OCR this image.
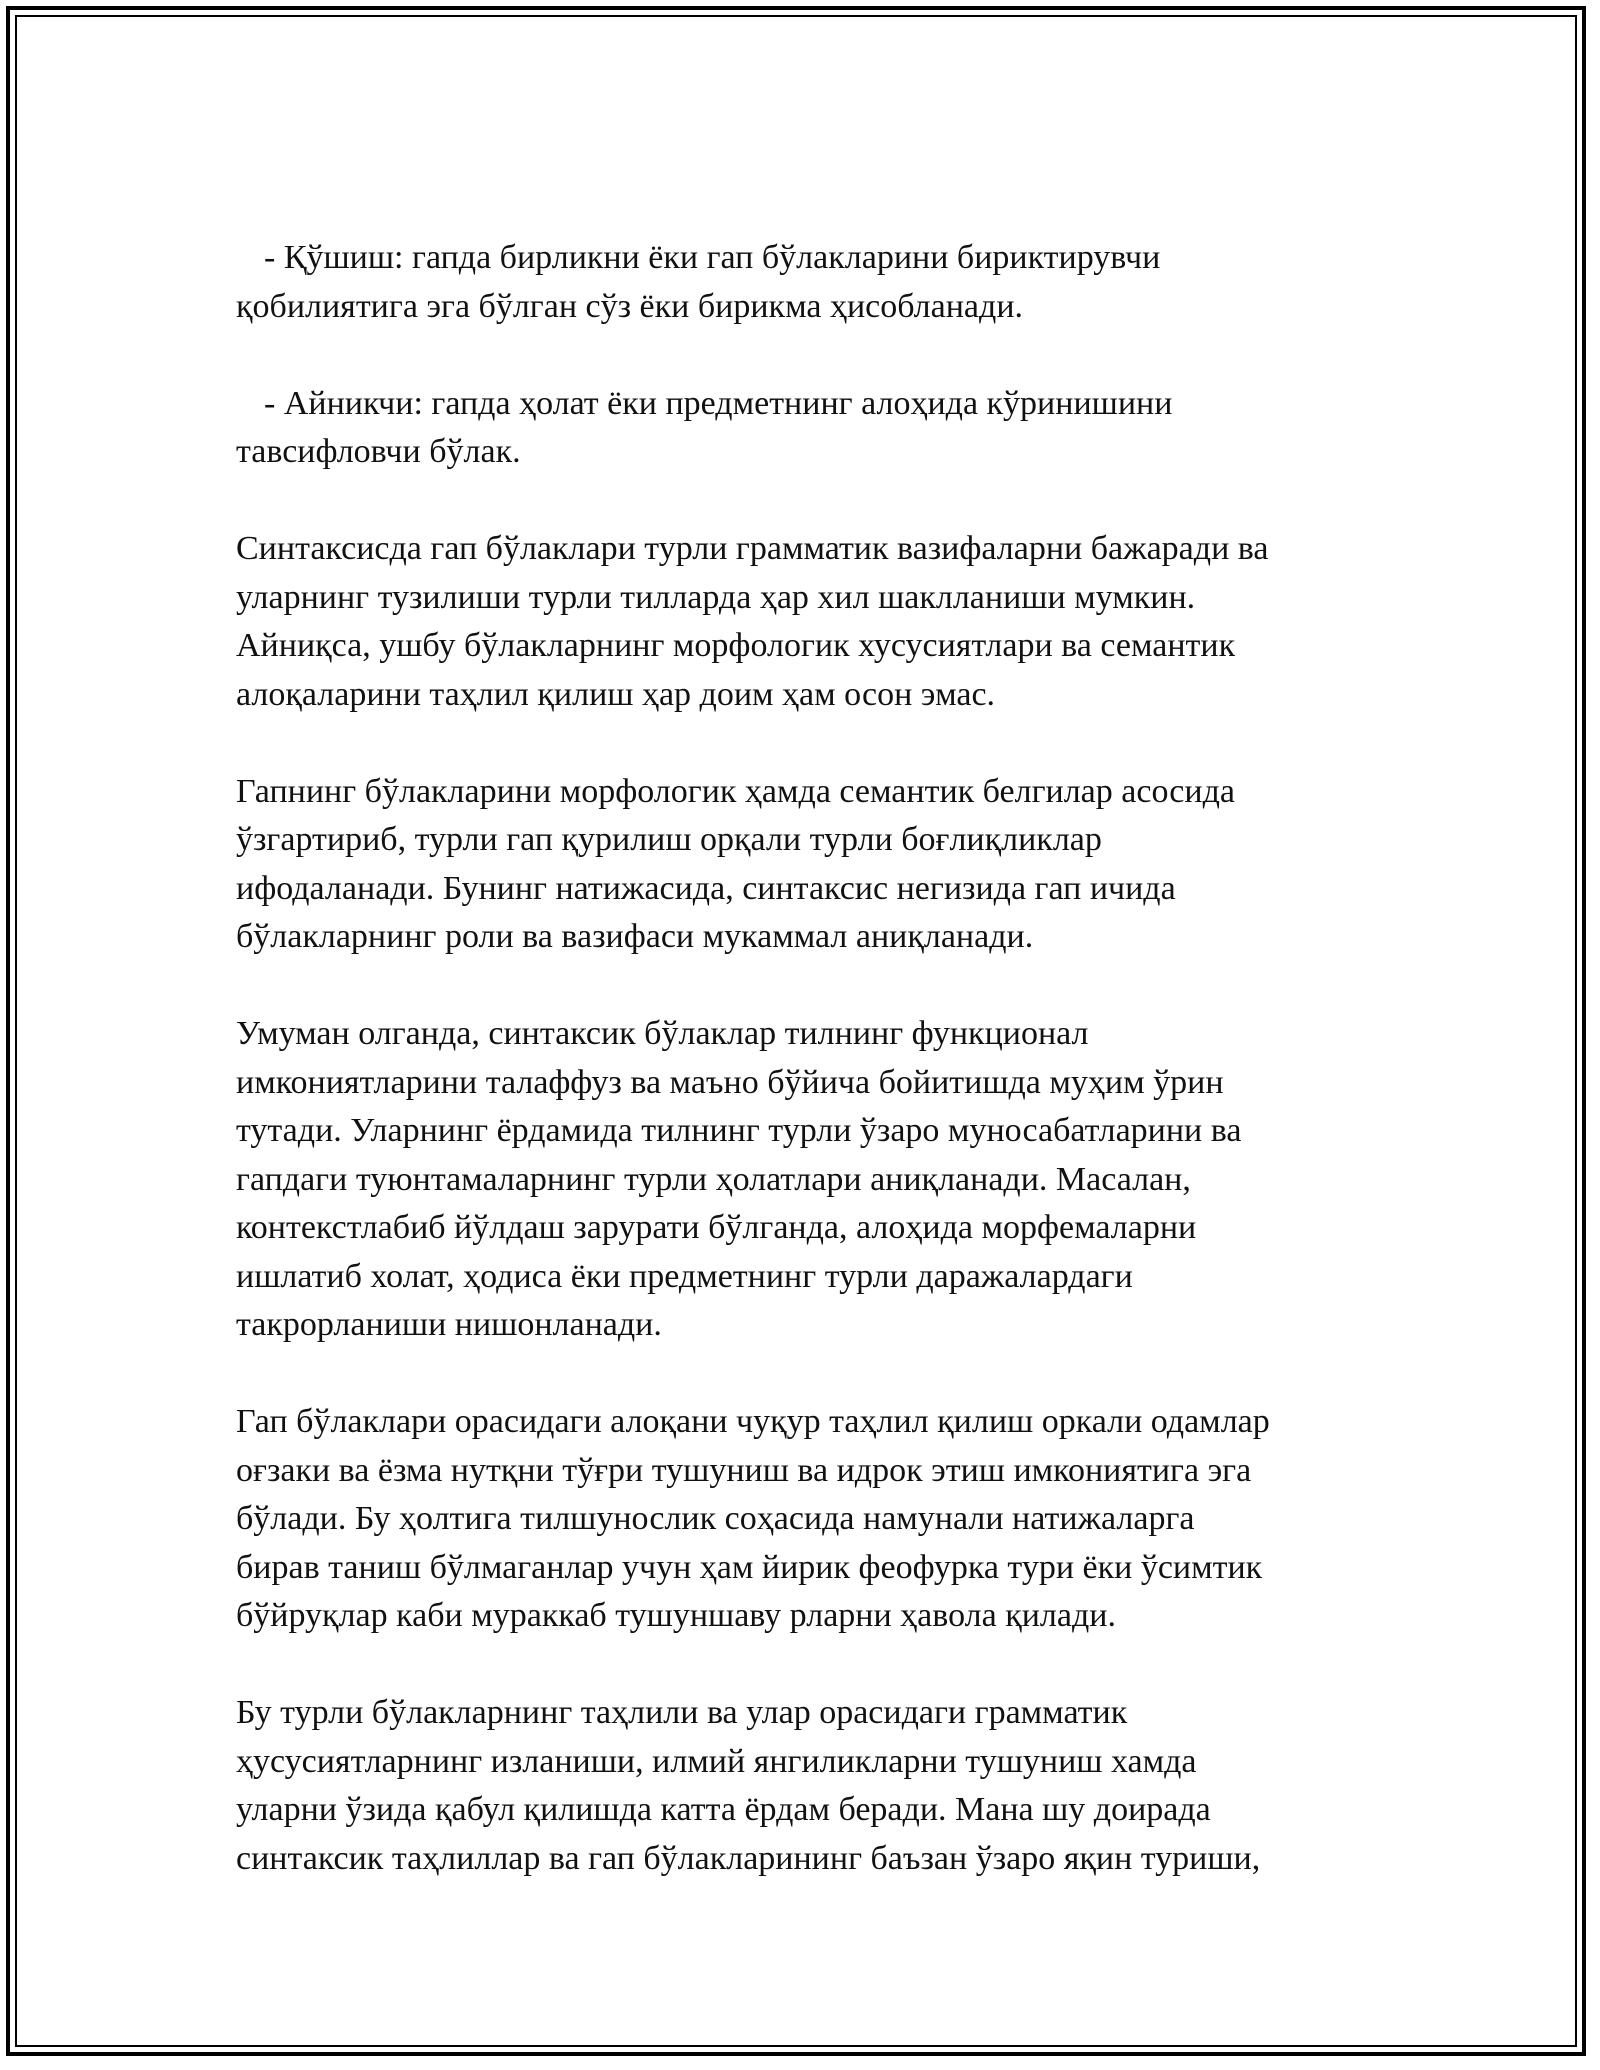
- Қўшиш: гапда бирликни ёки гап бўлакларини бириктирувчи
қобилиятига эга бўлган сўз ёки бирикма ҳисобланади.

- Айникчи: гапда ҳолат ёки предметнинг алоҳида кўринишини
тавсифловчи бўлак.

Синтаксисда гап бўлаклари турли грамматик вазифаларни бажаради ва
уларнинг тузилиши турли тилларда ҳар хил шаклланиши мумкин.
Айниқса, ушбу бўлакларнинг морфологик хусусиятлари ва семантик
алоқаларини таҳлил қилиш ҳар доим ҳам осон эмас.

Гапнинг бўлакларини морфологик ҳамда семантик белгилар асосида
ўзгартириб, турли гап қурилиш орқали турли боғлиқликлар
ифодаланади. Бунинг натижасида, синтаксис негизида гап ичида
бўлакларнинг роли ва вазифаси мукаммал аниқланади.

Умуман олганда, синтаксик бўлаклар тилнинг функционал
имкониятларини талаффуз ва маъно бўйича бойитишда муҳим ўрин
тутади. Уларнинг ёрдамида тилнинг турли ўзаро муносабатларини ва
гапдаги туюнтамаларнинг турли ҳолатлари аниқланади. Масалан,
контекстлабиб йўлдаш зарурати бўлганда, алоҳида морфемаларни
ишлатиб холат, ҳодиса ёки предметнинг турли даражалардаги
такрорланиши нишонланади.

Гап бўлаклари орасидаги алоқани чуқур таҳлил қилиш оркали одамлар
оғзаки ва ёзма нутқни тўғри тушуниш ва идрок этиш имкониятига эга
бўлади. Бу ҳолтига тилшунослик соҳасида намунали натижаларга
бирав таниш бўлмаганлар учун ҳам йирик феофурка тури ёки ўсимтик
бўйруқлар каби мураккаб тушуншаву рларни ҳавола қилади.

Бу турли бўлакларнинг таҳлили ва улар орасидаги грамматик
ҳусусиятларнинг изланиши, илмий янгиликларни тушуниш хамда
уларни ўзида қабул қилишда катта ёрдам беради. Мана шу доирада
синтаксик таҳлиллар ва гап бўлакларининг баъзан ўзаро яқин туриши,
